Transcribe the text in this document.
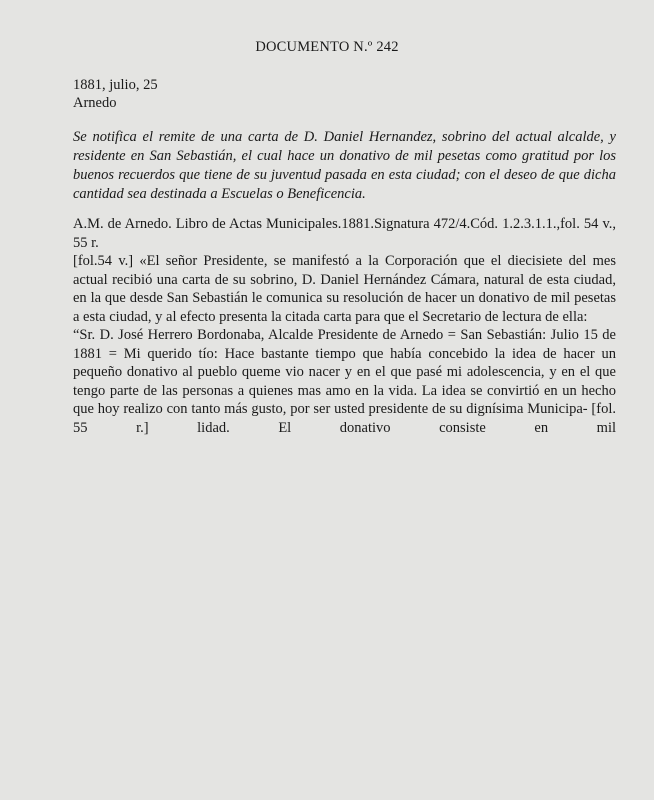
DOCUMENTO N.º 242
1881, julio, 25
Arnedo
Se notifica el remite de una carta de D. Daniel Hernandez, sobrino del actual alcalde, y residente en San Sebastián, el cual hace un donativo de mil pesetas como gratitud por los buenos recuerdos que tiene de su juventud pasada en esta ciudad; con el deseo de que dicha cantidad sea destinada a Escuelas o Beneficencia.

A.M. de Arnedo. Libro de Actas Municipales.1881.Signatura 472/4.Cód. 1.2.3.1.1.,fol. 54 v., 55 r.

[fol.54 v.] «El señor Presidente, se manifestó a la Corporación que el diecisiete del mes actual recibió una carta de su sobrino, D. Daniel Hernández Cámara, natural de esta ciudad, en la que desde San Sebastián le comunica su resolución de hacer un donativo de mil pesetas a esta ciudad, y al efecto presenta la citada carta para que el Secretario de lectura de ella:

“Sr. D. José Herrero Bordonaba, Alcalde Presidente de Arnedo = San Sebastián: Julio 15 de 1881 = Mi querido tío: Hace bastante tiempo que había concebido la idea de hacer un pequeño donativo al pueblo queme vio nacer y en el que pasé mi adolescencia, y en el que tengo parte de las personas a quienes mas amo en la vida. La idea se convirtió en un hecho que hoy realizo con tanto más gusto, por ser usted presidente de su dignísima Municipa- [fol. 55 r.] lidad. El donativo consiste en mil
